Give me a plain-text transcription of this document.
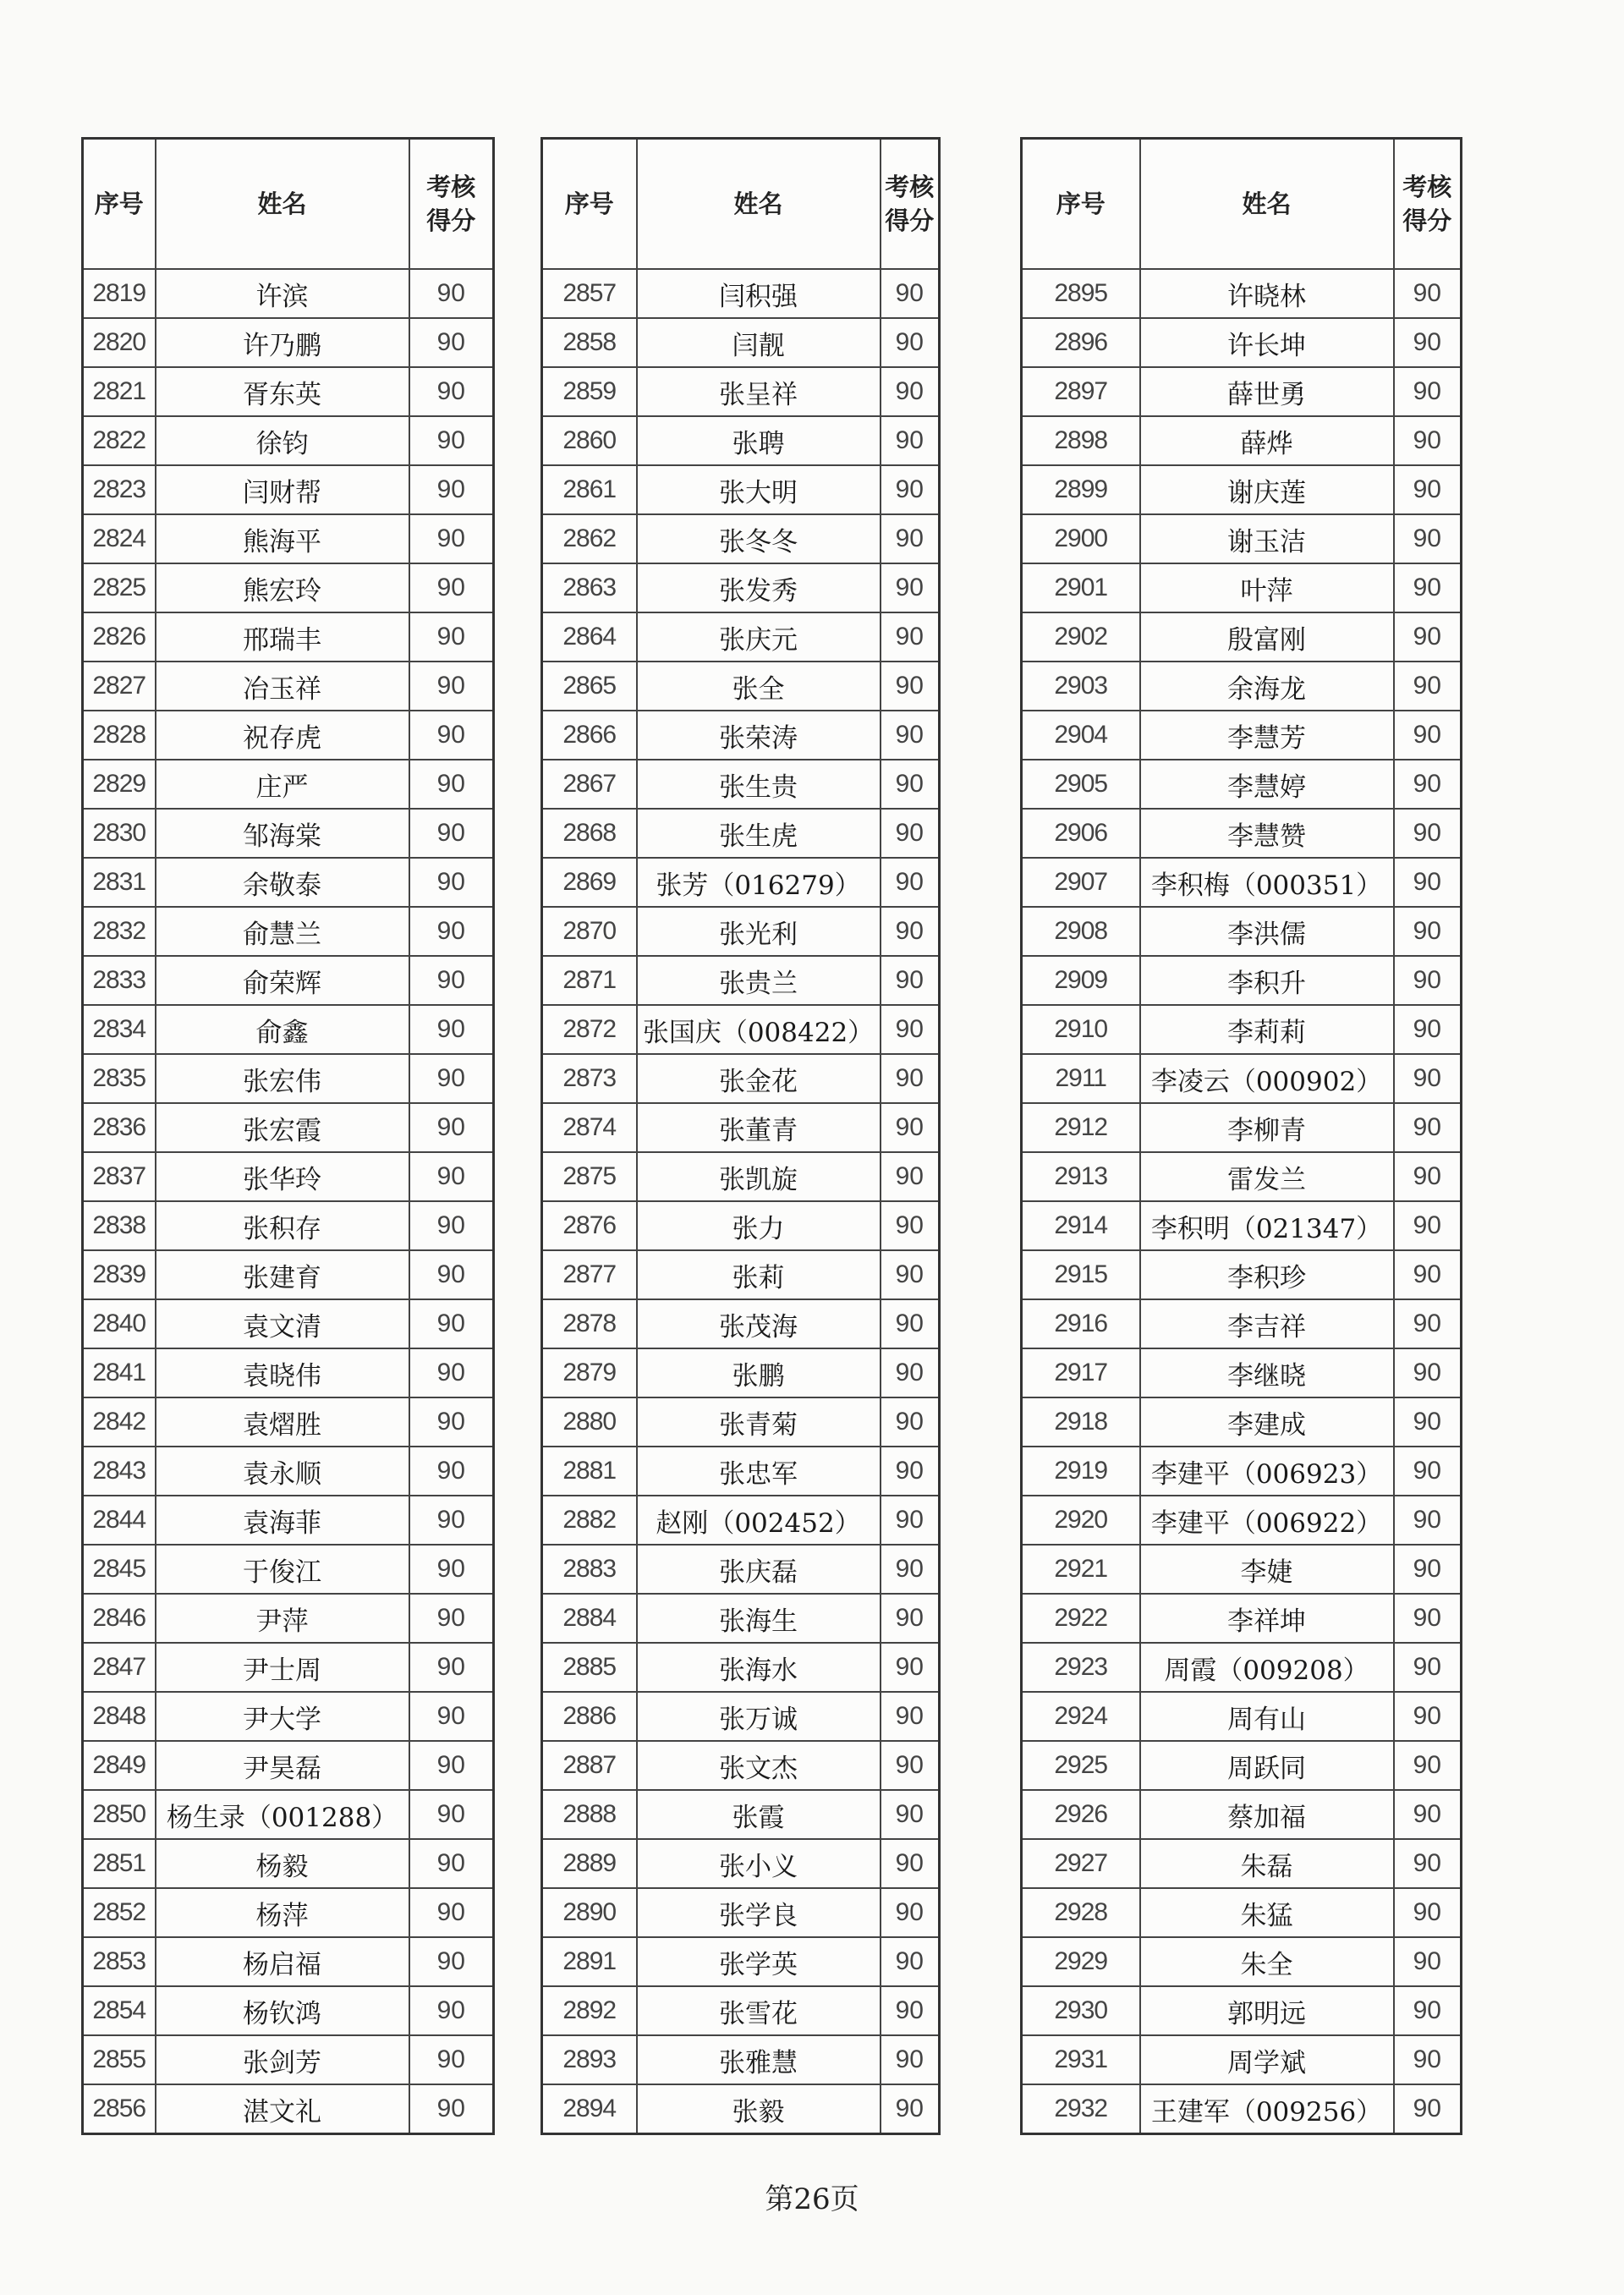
序号	姓名	考核
得分
2819	许滨	90
2820	许乃鹏	90
2821	胥东英	90
2822	徐钧	90
2823	闫财帮	90
2824	熊海平	90
2825	熊宏玲	90
2826	邢瑞丰	90
2827	冶玉祥	90
2828	祝存虎	90
2829	庄严	90
2830	邹海棠	90
2831	余敬泰	90
2832	俞慧兰	90
2833	俞荣辉	90
2834	俞鑫	90
2835	张宏伟	90
2836	张宏霞	90
2837	张华玲	90
2838	张积存	90
2839	张建育	90
2840	袁文清	90
2841	袁晓伟	90
2842	袁熠胜	90
2843	袁永顺	90
2844	袁海菲	90
2845	于俊江	90
2846	尹萍	90
2847	尹士周	90
2848	尹大学	90
2849	尹昊磊	90
2850	杨生录（001288）	90
2851	杨毅	90
2852	杨萍	90
2853	杨启福	90
2854	杨钦鸿	90
2855	张剑芳	90
2856	湛文礼	90
序号	姓名	考核
得分
2857	闫积强	90
2858	闫靓	90
2859	张呈祥	90
2860	张聘	90
2861	张大明	90
2862	张冬冬	90
2863	张发秀	90
2864	张庆元	90
2865	张全	90
2866	张荣涛	90
2867	张生贵	90
2868	张生虎	90
2869	张芳（016279）	90
2870	张光利	90
2871	张贵兰	90
2872	张国庆（008422）	90
2873	张金花	90
2874	张董青	90
2875	张凯旋	90
2876	张力	90
2877	张莉	90
2878	张茂海	90
2879	张鹏	90
2880	张青菊	90
2881	张忠军	90
2882	赵刚（002452）	90
2883	张庆磊	90
2884	张海生	90
2885	张海水	90
2886	张万诚	90
2887	张文杰	90
2888	张霞	90
2889	张小义	90
2890	张学良	90
2891	张学英	90
2892	张雪花	90
2893	张雅慧	90
2894	张毅	90
序号	姓名	考核
得分
2895	许晓林	90
2896	许长坤	90
2897	薛世勇	90
2898	薛烨	90
2899	谢庆莲	90
2900	谢玉洁	90
2901	叶萍	90
2902	殷富刚	90
2903	余海龙	90
2904	李慧芳	90
2905	李慧婷	90
2906	李慧赞	90
2907	李积梅（000351）	90
2908	李洪儒	90
2909	李积升	90
2910	李莉莉	90
2911	李凌云（000902）	90
2912	李柳青	90
2913	雷发兰	90
2914	李积明（021347）	90
2915	李积珍	90
2916	李吉祥	90
2917	李继晓	90
2918	李建成	90
2919	李建平（006923）	90
2920	李建平（006922）	90
2921	李婕	90
2922	李祥坤	90
2923	周霞（009208）	90
2924	周有山	90
2925	周跃同	90
2926	蔡加福	90
2927	朱磊	90
2928	朱猛	90
2929	朱全	90
2930	郭明远	90
2931	周学斌	90
2932	王建军（009256）	90
第26页
